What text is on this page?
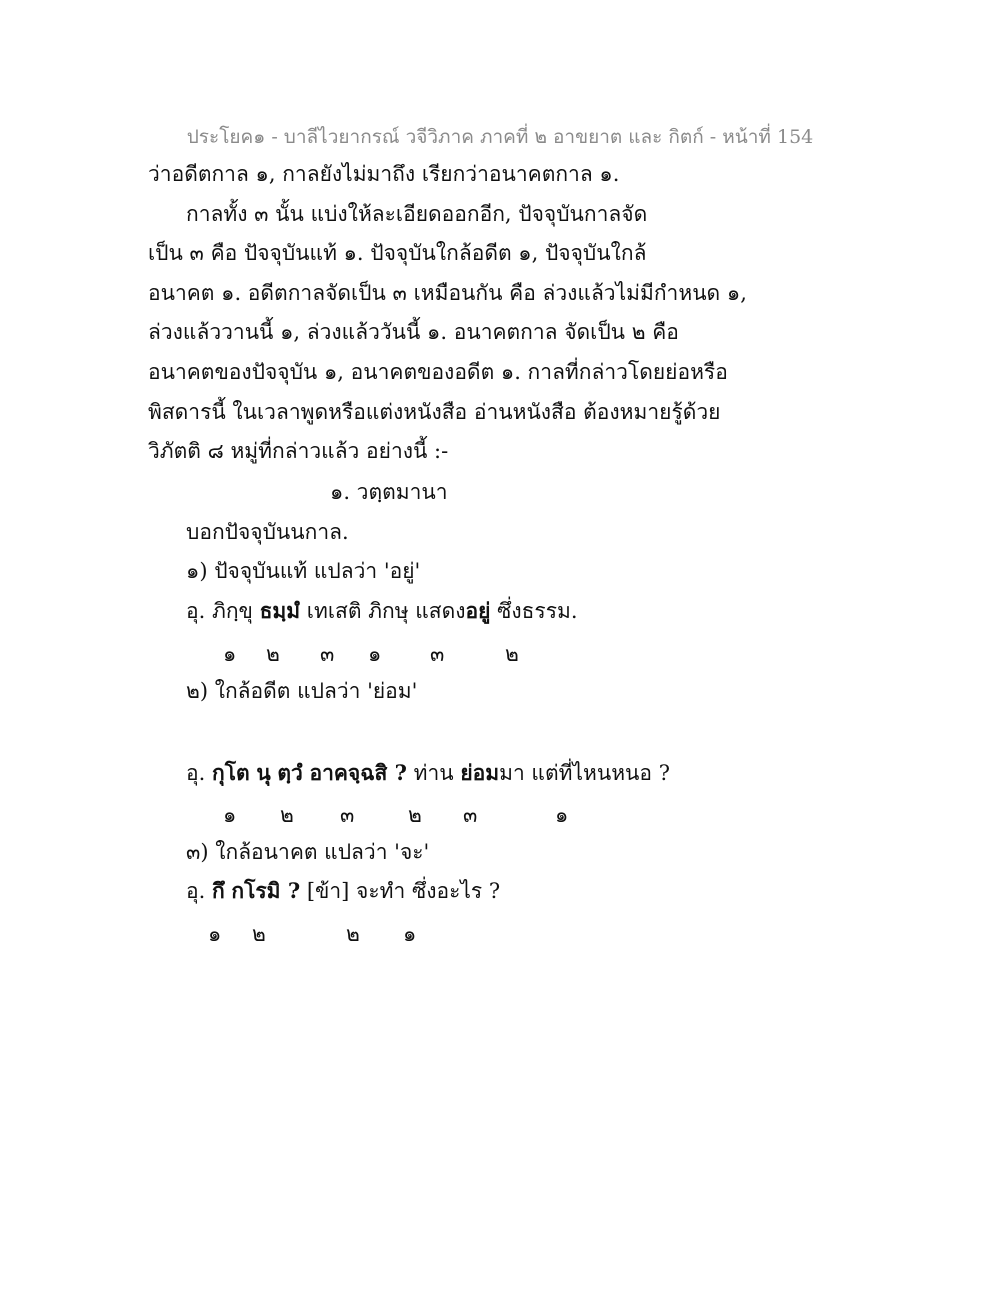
ประโยค๑ - บาลีไวยากรณ์ วจีวิภาค ภาคที่ ๒ อาขยาต และ กิตก์ - หน้าที่ 154
ว่าอดีตกาล ๑, กาลยังไม่มาถึง เรียกว่าอนาคตกาล ๑.
กาลทั้ง ๓ นั้น แบ่งให้ละเอียดออกอีก, ปัจจุบันกาลจัด
เป็น ๓ คือ ปัจจุบันแท้ ๑. ปัจจุบันใกล้อดีต ๑, ปัจจุบันใกล้
อนาคต ๑. อดีตกาลจัดเป็น ๓ เหมือนกัน คือ ล่วงแล้วไม่มีกำหนด ๑,
ล่วงแล้ววานนี้ ๑, ล่วงแล้ววันนี้ ๑. อนาคตกาล จัดเป็น ๒ คือ
อนาคตของปัจจุบัน ๑, อนาคตของอดีต ๑. กาลที่กล่าวโดยย่อหรือ
พิสดารนี้ ในเวลาพูดหรือแต่งหนังสือ อ่านหนังสือ ต้องหมายรู้ด้วย
วิภัตติ ๘ หมู่ที่กล่าวแล้ว อย่างนี้ :-
๑. วตฺตมานา
บอกปัจจุบันนกาล.
๑) ปัจจุบันแท้ แปลว่า 'อยู่'
อุ. ภิกฺขุ ธมฺมํ เทเสติ ภิกษุ แสดงอยู่ ซึ่งธรรม.
๑ ๒ ๓ ๑ ๓	๒
๒) ใกล้อดีต แปลว่า 'ย่อม'
อุ. กุโต นุ ตฺวํ อาคจฺฉสิ ? ท่าน ย่อมมา แต่ที่ไหนหนอ ?
๑ ๒ ๓	๒ ๓	๑
๓) ใกล้อนาคต แปลว่า 'จะ'
อุ. กึ กโรมิ ? [ข้า] จะทำ ซึ่งอะไร ?
๑ ๒	๒ ๑
